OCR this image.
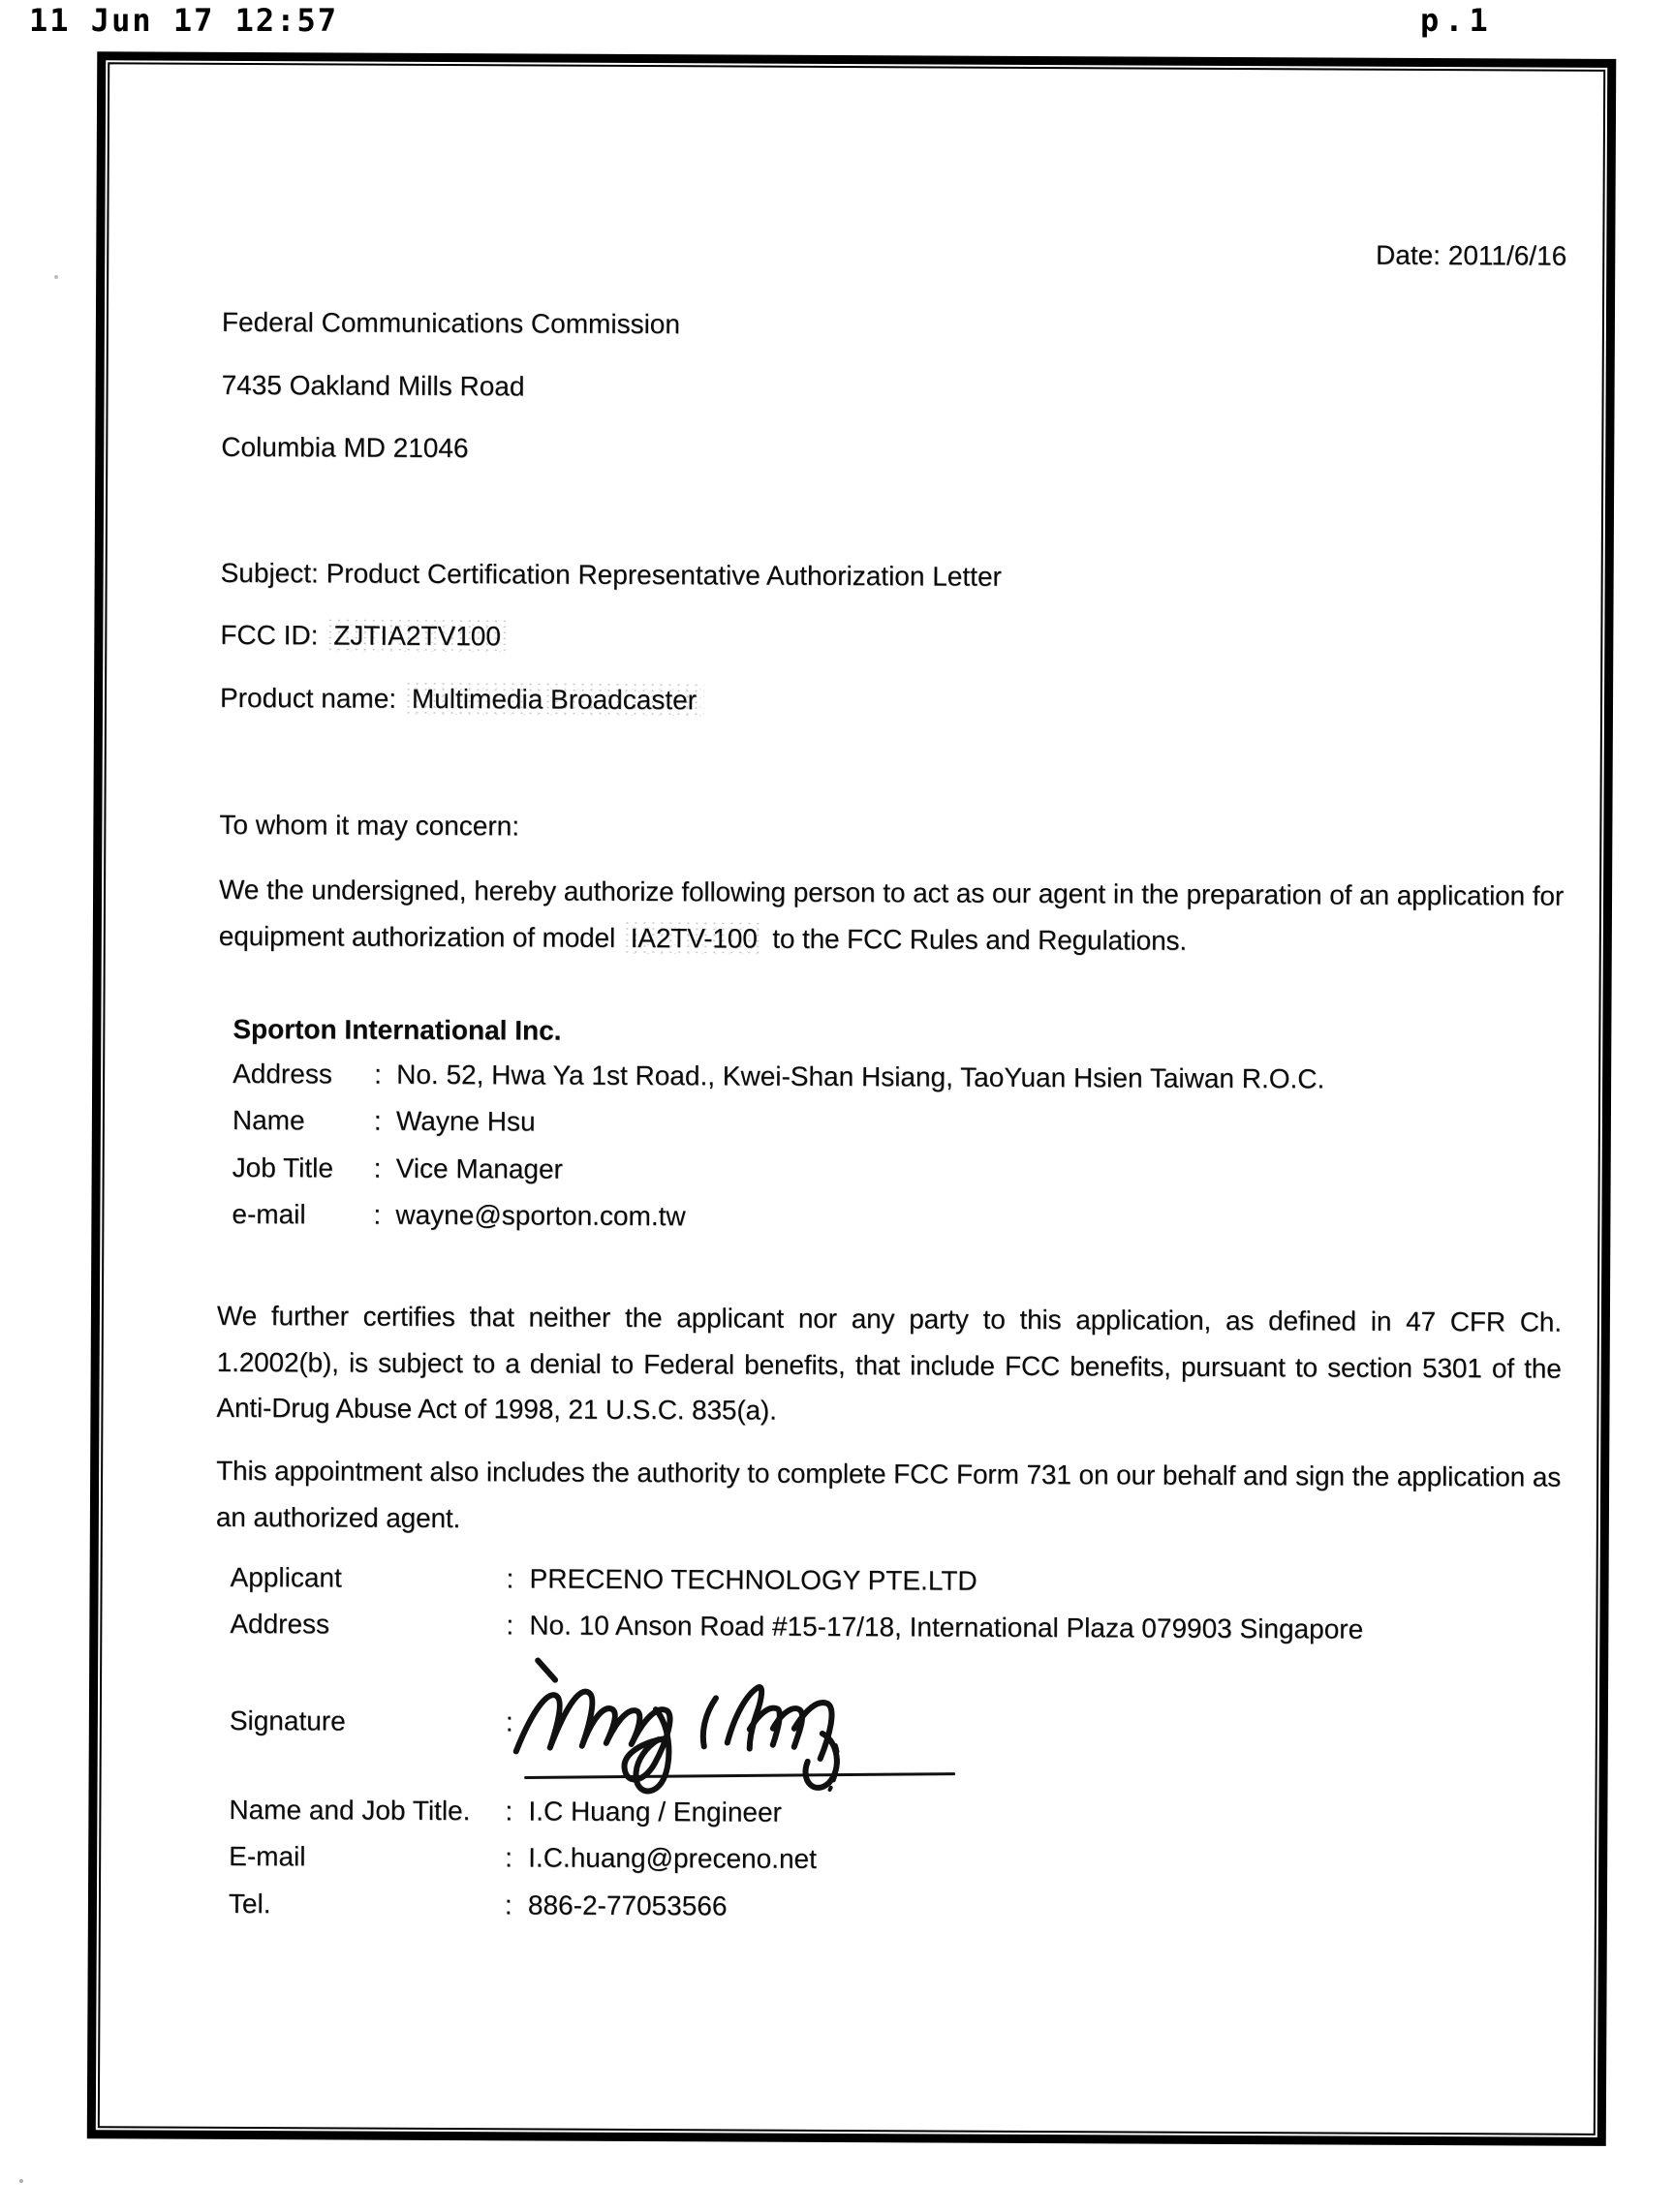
11 Jun 17 12:57	p.1
Date: 2011/6/16
Federal Communications Commission
7435 Oakland Mills Road
Columbia MD 21046
Subject: Product Certification Representative Authorization Letter
FCC ID: ZJTIA2TV100
Product name: Multimedia Broadcaster
To whom it may concern:
We the undersigned, hereby authorize following person to act as our agent in the preparation of an application for equipment authorization of model IA2TV-100 to the FCC Rules and Regulations.
Sporton International Inc.
Address	: No. 52, Hwa Ya 1st Road., Kwei-Shan Hsiang, TaoYuan Hsien Taiwan R.O.C.
Name	: Wayne Hsu
Job Title	: Vice Manager
e-mail	: wayne@sporton.com.tw
We further certifies that neither the applicant nor any party to this application, as defined in 47 CFR Ch. 1.2002(b), is subject to a denial to Federal benefits, that include FCC benefits, pursuant to section 5301 of the Anti-Drug Abuse Act of 1998, 21 U.S.C. 835(a).
This appointment also includes the authority to complete FCC Form 731 on our behalf and sign the application as an authorized agent.
Applicant	: PRECENO TECHNOLOGY PTE.LTD
Address	: No. 10 Anson Road #15-17/18, International Plaza 079903 Singapore
Signature	:
Name and Job Title.	: I.C Huang / Engineer
E-mail	: I.C.huang@preceno.net
Tel.	: 886-2-77053566
